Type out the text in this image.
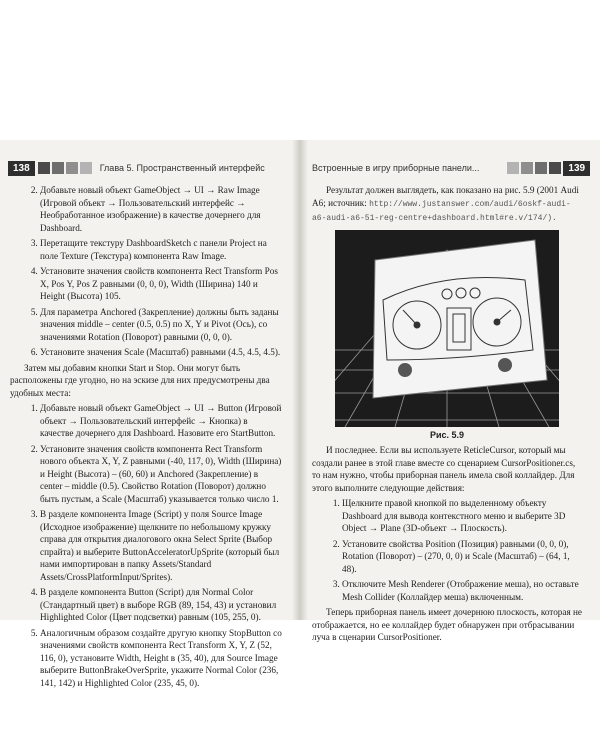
138	Глава 5. Пространственный интерфейс	Встроенные в игру приборные панели...	139
2. Добавьте новый объект GameObject → UI → Raw Image (Игровой объект → Пользовательский интерфейс → Необработанное изображение) в качестве дочернего для Dashboard.
3. Перетащите текстуру DashboardSketch с панели Project на поле Texture (Текстура) компонента Raw Image.
4. Установите значения свойств компонента Rect Transform Pos X, Pos Y, Pos Z равными (0, 0, 0), Width (Ширина) 140 и Height (Высота) 105.
5. Для параметра Anchored (Закрепление) должны быть заданы значения middle – center (0.5, 0.5) по X, Y и Pivot (Ось), со значениями Rotation (Поворот) равными (0, 0, 0).
6. Установите значения Scale (Масштаб) равными (4.5, 4.5, 4.5).

Затем мы добавим кнопки Start и Stop. Они могут быть расположены где угодно, но на эскизе для них предусмотрены два удобных места:

1. Добавьте новый объект GameObject → UI → Button (Игровой объект → Пользовательский интерфейс → Кнопка) в качестве дочернего для Dashboard. Назовите его StartButton.
2. Установите значения свойств компонента Rect Transform нового объекта X, Y, Z равными (-40, 117, 0), Width (Ширина) и Height (Высота) – (60, 60) и Anchored (Закрепление) в center – middle (0.5). Свойство Rotation (Поворот) должно быть пустым, а Scale (Масштаб) указывается только число 1.
3. В разделе компонента Image (Script) у поля Source Image (Исходное изображение) щелкните по небольшому кружку справа для открытия диалогового окна Select Sprite (Выбор спрайта) и выберите ButtonAcceleratorUpSprite (который был нами импортирован в папку Assets/Standard Assets/CrossPlatformInput/Sprites).
4. В разделе компонента Button (Script) для Normal Color (Стандартный цвет) в выборе RGB (89, 154, 43) и установил Highlighted Color (Цвет подсветки) равным (105, 255, 0).
5. Аналогичным образом создайте другую кнопку StopButton со значениями свойств компонента Rect Transform X, Y, Z (52, 116, 0), установите Width, Height в (35, 40), для Source Image выберите ButtonBrakeOverSprite, укажите Normal Color (236, 141, 142) и Highlighted Color (235, 45, 0).

Результат должен выглядеть, как показано на рис. 5.9 (2001 Audi A6; источник: http://www.justanswer.com/audi/6oskf-audi-a6-audi-a6-51-reg-centre+dashboard.html#re.v/174/).

Рис. 5.9

И последнее. Если вы используете ReticleCursor, который мы создали ранее в этой главе вместе со сценарием CursorPositioner.cs, то нам нужно, чтобы приборная панель имела свой коллайдер. Для этого выполните следующие действия:

1. Щелкните правой кнопкой по выделенному объекту Dashboard для вывода контекстного меню и выберите 3D Object → Plane (3D-объект → Плоскость).
2. Установите свойства Position (Позиция) равными (0, 0, 0), Rotation (Поворот) – (270, 0, 0) и Scale (Масштаб) – (64, 1, 48).
3. Отключите Mesh Renderer (Отображение меша), но оставьте Mesh Collider (Коллайдер меша) включенным.

Теперь приборная панель имеет дочернюю плоскость, которая не отображается, но ее коллайдер будет обнаружен при отбрасывании луча в сценарии CursorPositioner.
